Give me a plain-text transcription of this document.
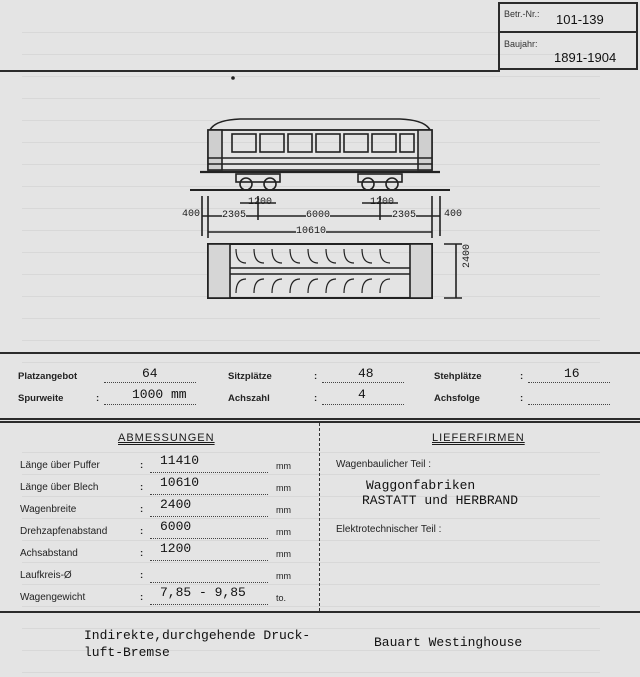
Betr.-Nr.: 101-139
Baujahr:
1891-1904
1200	1200
400 2305	6000	2305	400
10610
2400
Platzangebot	64	Sitzplätze	:	48	Stehplätze	:	16
Spurweite	:	1000 mm	Achszahl	:	4	Achsfolge	:
ABMESSUNGEN	LIEFERFIRMEN
Länge über Puffer	: 11410	mm
Länge über Blech	: 10610	mm
Wagenbreite	: 2400	mm
Drehzapfenabstand	: 6000	mm
Achsabstand	: 1200	mm
Laufkreis-Ø	:	mm
Wagengewicht	: 7,85 - 9,85	to.
Wagenbaulicher Teil :
Waggonfabriken
RASTATT und HERBRAND
Elektrotechnischer Teil :
Indirekte,durchgehende Druck-
luft-Bremse
Bauart Westinghouse
